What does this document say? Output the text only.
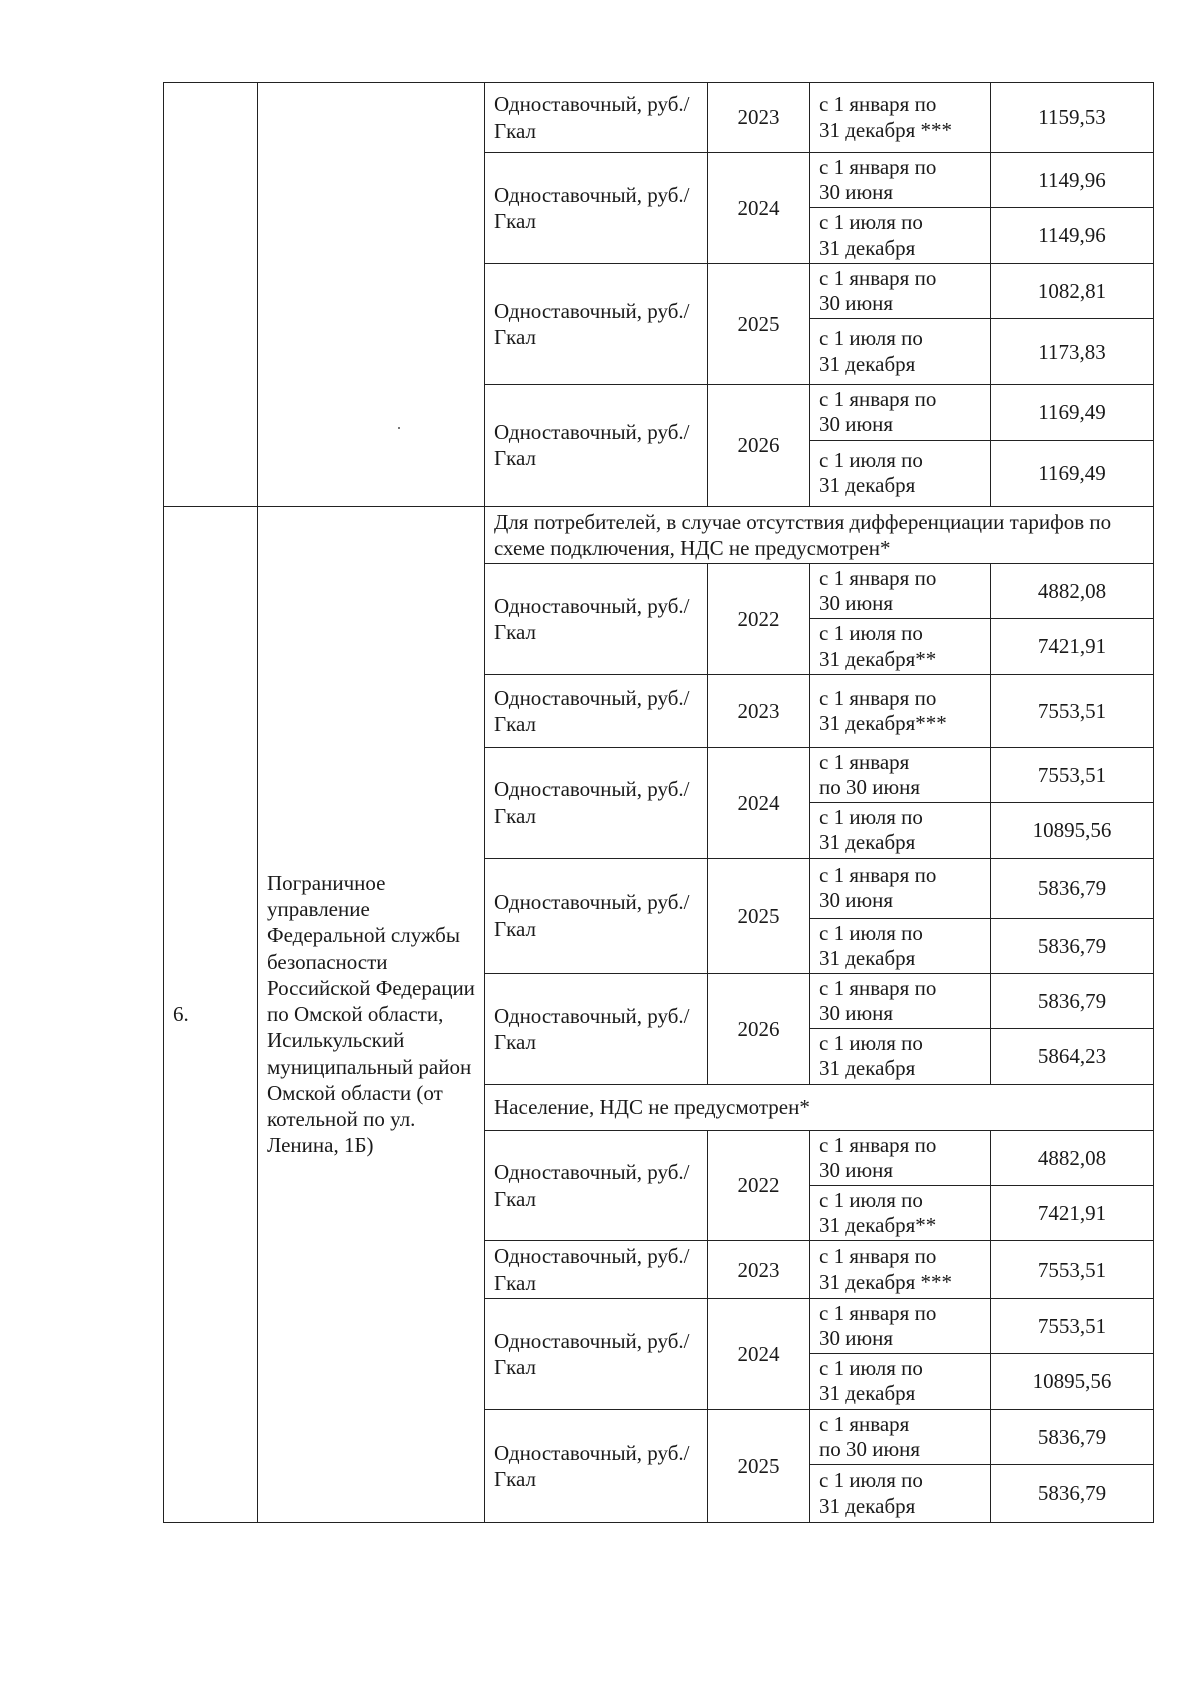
		Одноставочный, руб./Гкал	2023	с 1 января по
31 декабря ***	1159,53
		Одноставочный, руб./Гкал	2024	с 1 января по
30 июня	1149,96

				с 1 июля по
31 декабря	1149,96
		Одноставочный, руб./Гкал	2025	с 1 января по
30 июня	1082,81

				с 1 июля по
31 декабря	1173,83
		Одноставочный, руб./Гкал	2026	с 1 января по
30 июня	1169,49

				с 1 июля по
31 декабря	1169,49
6.	Пограничное управление Федеральной службы безопасности Российской Федерации по Омской области, Исилькульский муниципальный район Омской области (от котельной по ул. Ленина, 1Б)	Для потребителей, в случае отсутствия дифференциации тарифов по схеме подключения, НДС не предусмотрен*			
		Одноставочный, руб./Гкал	2022	с 1 января по
30 июня	4882,08

				с 1 июля по
31 декабря**	7421,91
		Одноставочный, руб./Гкал	2023	с 1 января по
31 декабря***	7553,51
		Одноставочный, руб./Гкал	2024	с 1 января
по 30 июня	7553,51

				с 1 июля по
31 декабря	10895,56
		Одноставочный, руб./Гкал	2025	с 1 января по
30 июня	5836,79

				с 1 июля по
31 декабря	5836,79
		Одноставочный, руб./Гкал	2026	с 1 января по
30 июня	5836,79

				с 1 июля по
31 декабря	5864,23
		Население, НДС не предусмотрен*			
		Одноставочный, руб./Гкал	2022	с 1 января по
30 июня	4882,08

				с 1 июля по
31 декабря**	7421,91
		Одноставочный, руб./Гкал	2023	с 1 января по
31 декабря ***	7553,51
		Одноставочный, руб./Гкал	2024	с 1 января по
30 июня	7553,51

				с 1 июля по
31 декабря	10895,56
		Одноставочный, руб./Гкал	2025	с 1 января
по 30 июня	5836,79

				с 1 июля по
31 декабря	5836,79
